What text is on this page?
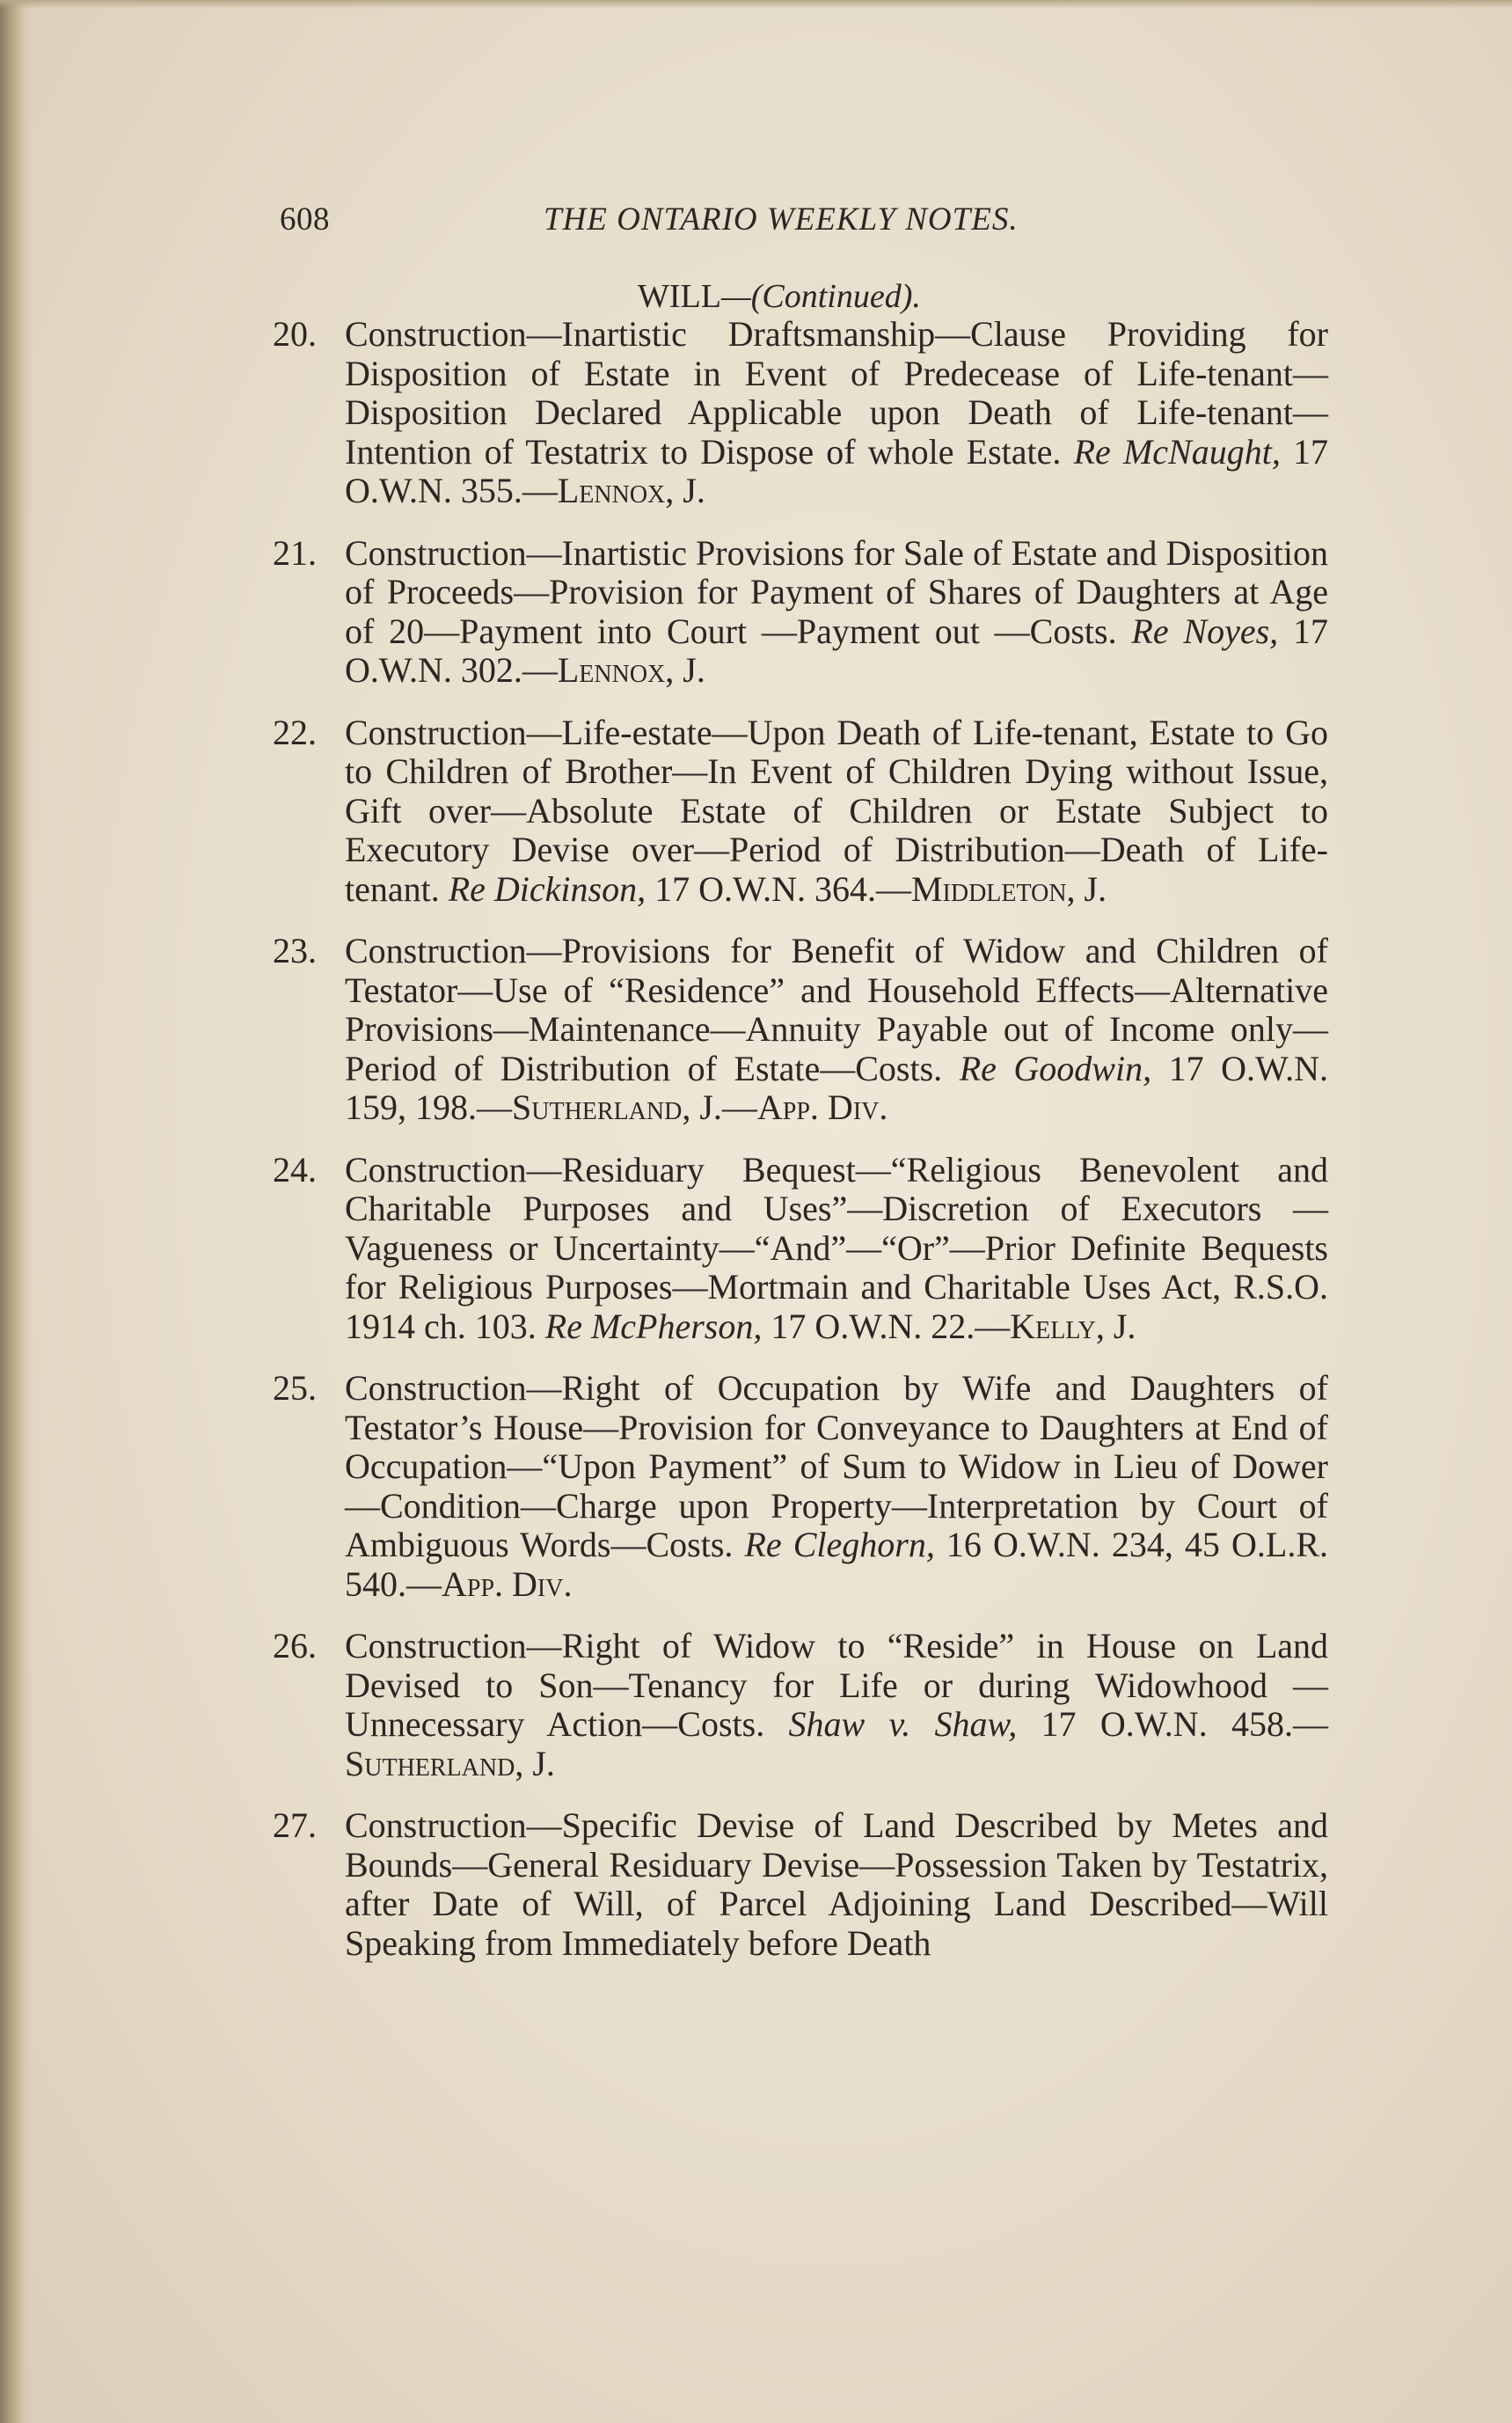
608	THE ONTARIO WEEKLY NOTES.
WILL—(Continued).
20. Construction—Inartistic Draftsmanship—Clause Providing for Disposition of Estate in Event of Predecease of Life-tenant—Disposition Declared Applicable upon Death of Life-tenant—Intention of Testatrix to Dispose of whole Estate. Re McNaught, 17 O.W.N. 355.—Lennox, J.
21. Construction—Inartistic Provisions for Sale of Estate and Disposition of Proceeds—Provision for Payment of Shares of Daughters at Age of 20—Payment into Court —Payment out —Costs. Re Noyes, 17 O.W.N. 302.—Lennox, J.
22. Construction—Life-estate—Upon Death of Life-tenant, Estate to Go to Children of Brother—In Event of Children Dying without Issue, Gift over—Absolute Estate of Children or Estate Subject to Executory Devise over—Period of Distribution—Death of Life-tenant. Re Dickinson, 17 O.W.N. 364.—Middleton, J.
23. Construction—Provisions for Benefit of Widow and Children of Testator—Use of “Residence” and Household Effects—Alternative Provisions—Maintenance—Annuity Payable out of Income only—Period of Distribution of Estate—Costs. Re Goodwin, 17 O.W.N. 159, 198.—Sutherland, J.—App. Div.
24. Construction—Residuary Bequest—“Religious Benevolent and Charitable Purposes and Uses”—Discretion of Executors —Vagueness or Uncertainty—“And”—“Or”—Prior Definite Bequests for Religious Purposes—Mortmain and Charitable Uses Act, R.S.O. 1914 ch. 103. Re McPherson, 17 O.W.N. 22.—Kelly, J.
25. Construction—Right of Occupation by Wife and Daughters of Testator’s House—Provision for Conveyance to Daughters at End of Occupation—“Upon Payment” of Sum to Widow in Lieu of Dower—Condition—Charge upon Property—Interpretation by Court of Ambiguous Words—Costs. Re Cleghorn, 16 O.W.N. 234, 45 O.L.R. 540.—App. Div.
26. Construction—Right of Widow to “Reside” in House on Land Devised to Son—Tenancy for Life or during Widowhood —Unnecessary Action—Costs. Shaw v. Shaw, 17 O.W.N. 458.—Sutherland, J.
27. Construction—Specific Devise of Land Described by Metes and Bounds—General Residuary Devise—Possession Taken by Testatrix, after Date of Will, of Parcel Adjoining Land Described—Will Speaking from Immediately before Death
